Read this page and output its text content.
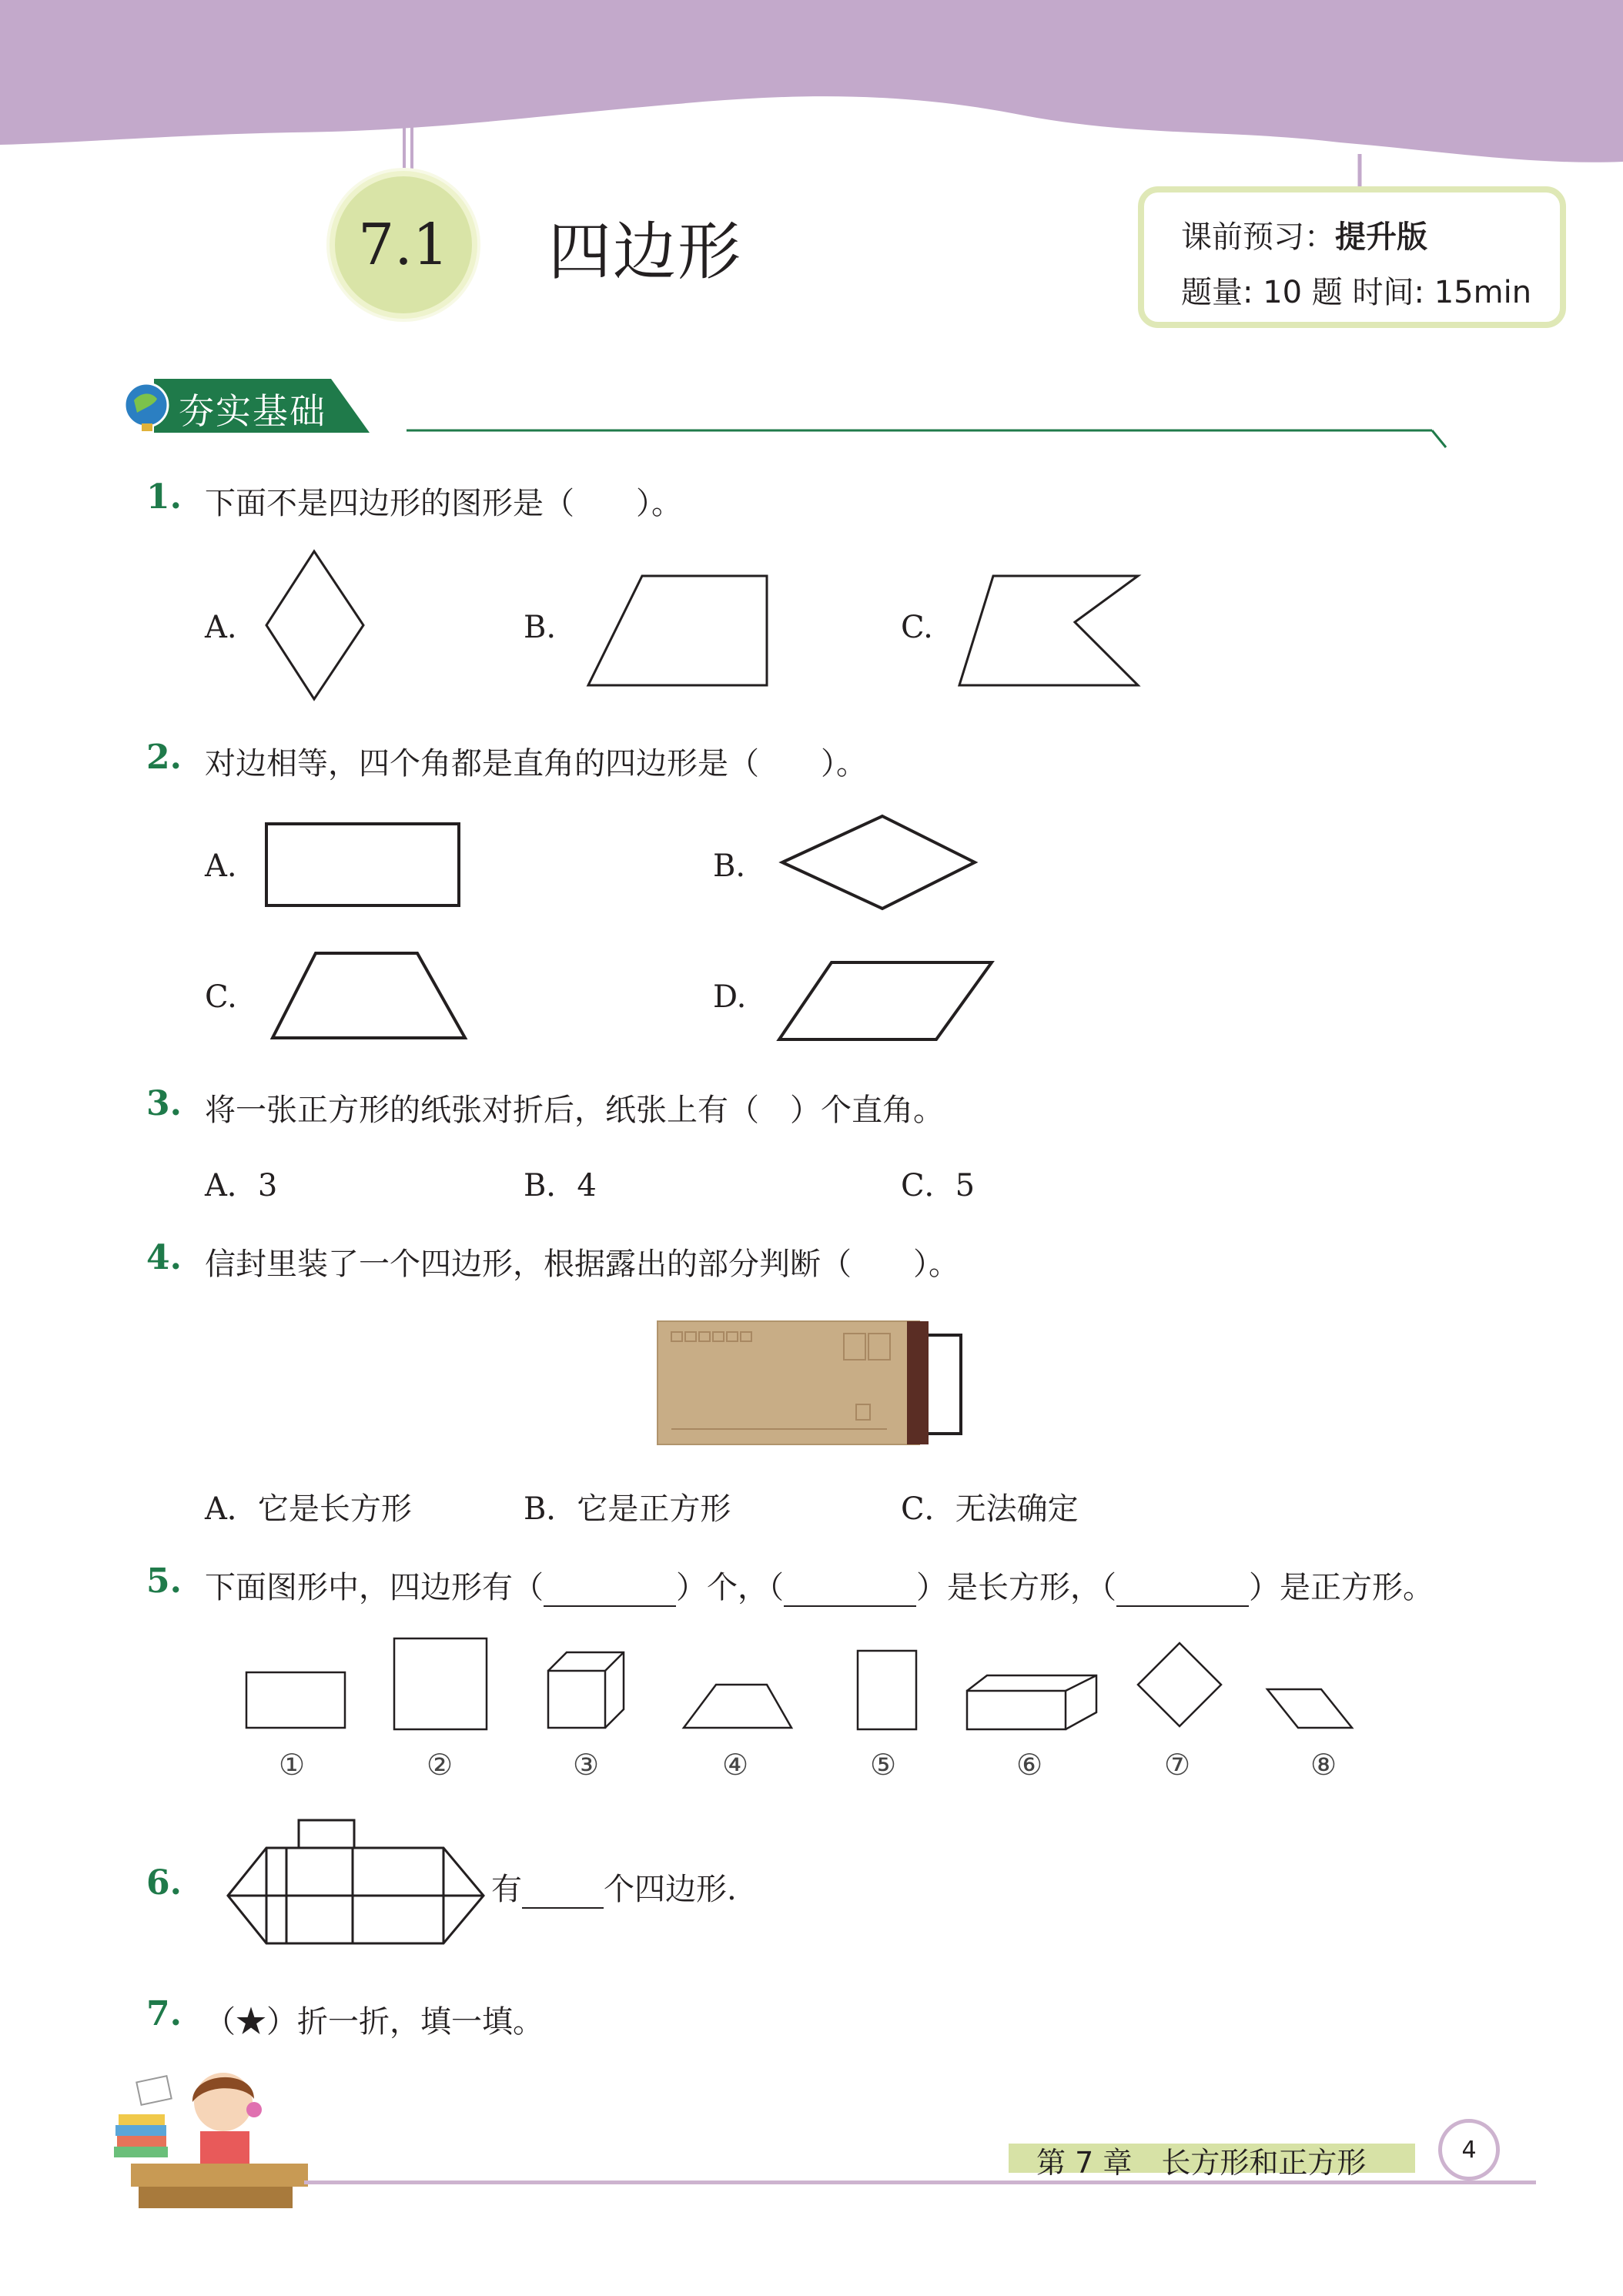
7.1 四边形	课前预习：提升版
题量: 10 题 时间: 15min
夯实基础
1. 下面不是四边形的图形是（　　）。
A.	B.	C.
2. 对边相等，四个角都是直角的四边形是（　　）。
A.	B.
C.	D.
3. 将一张正方形的纸张对折后，纸张上有（　）个直角。
A．3	B．4	C．5
4. 信封里装了一个四边形，根据露出的部分判断（　　）。
A．它是长方形	B．它是正方形	C．无法确定
5. 下面图形中，四边形有（	）个，（	）是长方形，（	）是正方形。
①	②	③	④	⑤	⑥	⑦	⑧
6.	有	个四边形.
7. （★）折一折，填一填。
第 7 章　长方形和正方形	4
